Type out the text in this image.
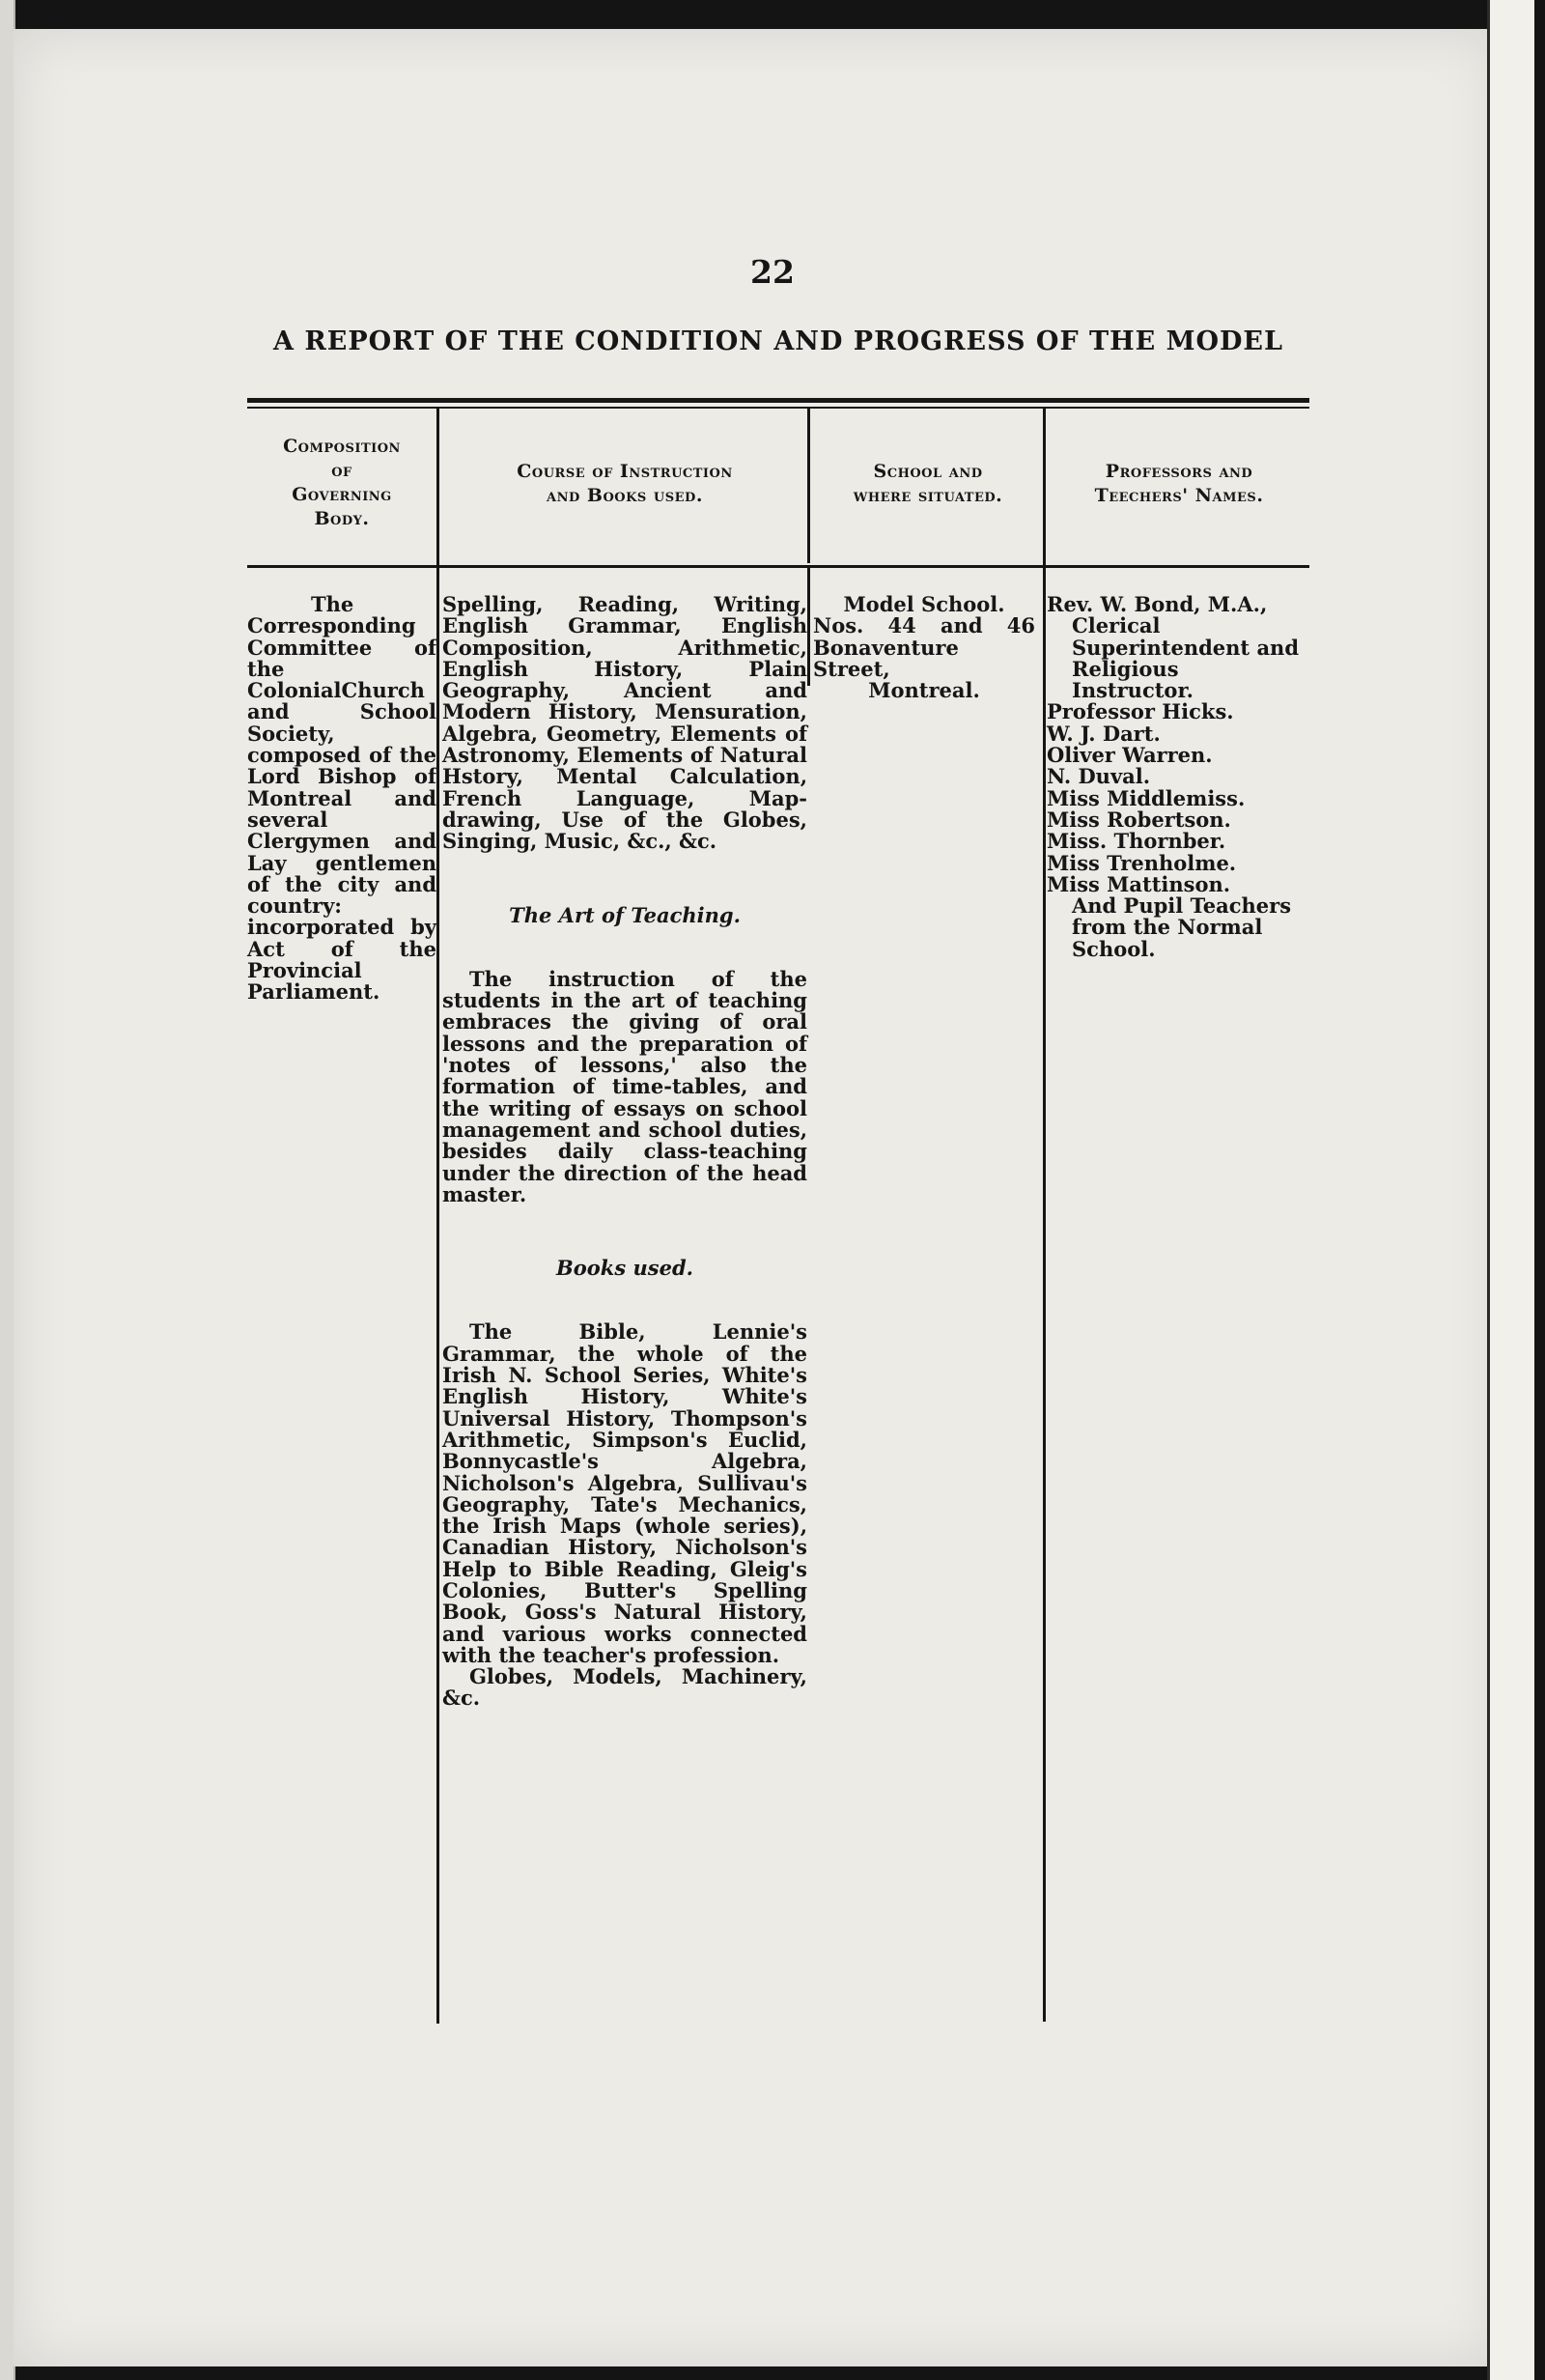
22
A REPORT OF THE CONDITION AND PROGRESS OF THE MODEL
Composition
of
Governing
Body.
Course of Instruction
and Books used.
School and
where situated.
Professors and
Teechers' Names.

The Corresponding Committee of the ColonialChurch and School Society, composed of the Lord Bishop of Montreal and several Clergymen and Lay gentlemen of the city and country: incorporated by Act of the Provincial Parliament.

Spelling, Reading, Writing, English Grammar, English Composition, Arithmetic, English History, Plain Geography, Ancient and Modern History, Mensuration, Algebra, Geometry, Elements of Astronomy, Elements of Natural Hstory, Mental Calculation, French Language, Map-drawing, Use of the Globes, Singing, Music, &c., &c.

The Art of Teaching.

The instruction of the students in the art of teaching embraces the giving of oral lessons and the preparation of 'notes of lessons,' also the formation of time-tables, and the writing of essays on school management and school duties, besides daily class-teaching under the direction of the head master.

Books used.

The Bible, Lennie's Grammar, the whole of the Irish N. School Series, White's English History, White's Universal History, Thompson's Arithmetic, Simpson's Euclid, Bonnycastle's Algebra, Nicholson's Algebra, Sullivau's Geography, Tate's Mechanics, the Irish Maps (whole series), Canadian History, Nicholson's Help to Bible Reading, Gleig's Colonies, Butter's Spelling Book, Goss's Natural History, and various works connected with the teacher's profession.

Globes, Models, Machinery, &c.

Model School.

Nos. 44 and 46 Bonaventure Street,

Montreal.

Rev. W. Bond, M.A.,

Clerical Superintendent and Religious Instructor.

Professor Hicks.

W. J. Dart.

Oliver Warren.

N. Duval.

Miss Middlemiss.

Miss Robertson.

Miss. Thornber.

Miss Trenholme.

Miss Mattinson.

And Pupil Teachers from the Normal School.
